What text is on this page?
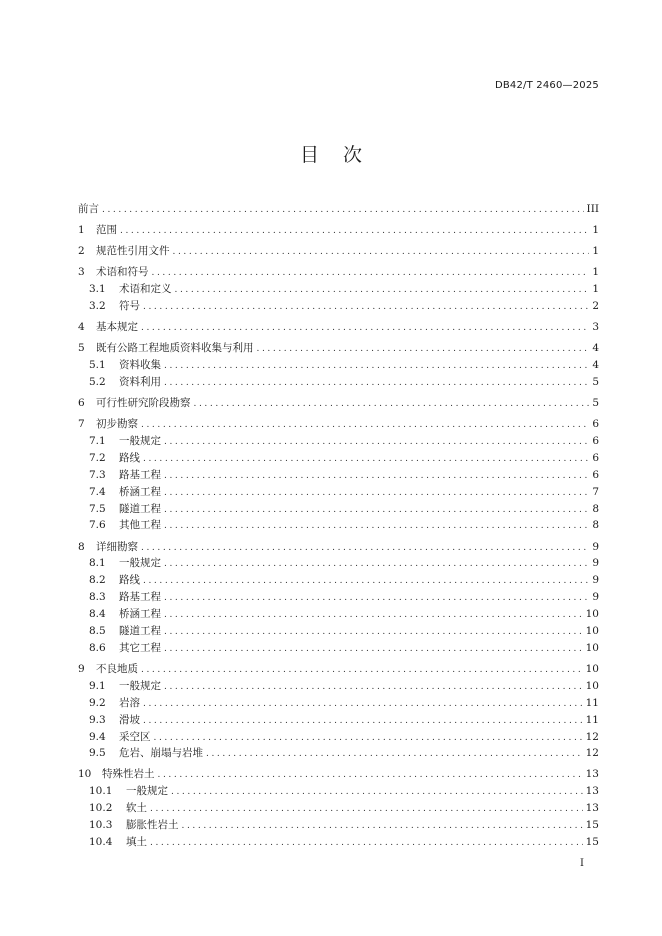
DB42/T 2460—2025
目 次
前言 .....	III
1	范围 .....	1
2	规范性引用文件 .....	1
3	术语和符号 .....	1
3.1	术语和定义 .....	1
3.2	符号 .....	2
4	基本规定 .....	3
5	既有公路工程地质资料收集与利用 .....	4
5.1	资料收集 .....	4
5.2	资料利用 .....	5
6	可行性研究阶段勘察 .....	5
7	初步勘察 .....	6
7.1	一般规定 .....	6
7.2	路线 .....	6
7.3	路基工程 .....	6
7.4	桥涵工程 .....	7
7.5	隧道工程 .....	8
7.6	其他工程 .....	8
8	详细勘察 .....	9
8.1	一般规定 .....	9
8.2	路线 .....	9
8.3	路基工程 .....	9
8.4	桥涵工程 .....	10
8.5	隧道工程 .....	10
8.6	其它工程 .....	10
9	不良地质 .....	10
9.1	一般规定 .....	10
9.2	岩溶 .....	11
9.3	滑坡 .....	11
9.4	采空区 .....	12
9.5	危岩、崩塌与岩堆 .....	12
10	特殊性岩土 .....	13
10.1	一般规定 .....	13
10.2	软土 .....	13
10.3	膨胀性岩土 .....	15
10.4	填土 .....	15
I
